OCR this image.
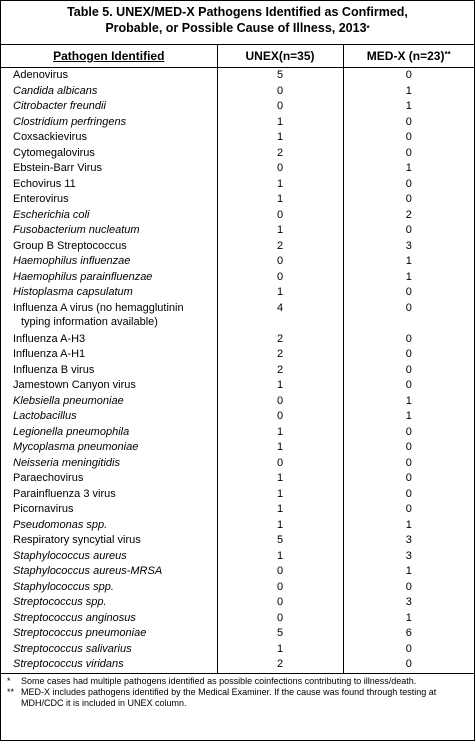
Table 5. UNEX/MED-X Pathogens Identified as Confirmed,
Probable, or Possible Cause of Illness, 2013*
Pathogen Identified	UNEX(n=35)	MED-X (n=23)**
Adenovirus	5	0
Candida albicans	0	1
Citrobacter freundii	0	1
Clostridium perfringens	1	0
Coxsackievirus	1	0
Cytomegalovirus	2	0
Ebstein-Barr Virus	0	1
Echovirus 11	1	0
Enterovirus	1	0
Escherichia coli	0	2
Fusobacterium nucleatum	1	0
Group B Streptococcus	2	3
Haemophilus influenzae	0	1
Haemophilus parainfluenzae	0	1
Histoplasma capsulatum	1	0
Influenza A virus (no hemagglutinin
typing information available)	4	0
Influenza A-H3	2	0
Influenza A-H1	2	0
Influenza B virus	2	0
Jamestown Canyon virus	1	0
Klebsiella pneumoniae	0	1
Lactobacillus	0	1
Legionella pneumophila	1	0
Mycoplasma pneumoniae	1	0
Neisseria meningitidis	0	0
Paraechovirus	1	0
Parainfluenza 3 virus	1	0
Picornavirus	1	0
Pseudomonas spp.	1	1
Respiratory syncytial virus	5	3
Staphylococcus aureus	1	3
Staphylococcus aureus-MRSA	0	1
Staphylococcus spp.	0	0
Streptococcus spp.	0	3
Streptococcus anginosus	0	1
Streptococcus pneumoniae	5	6
Streptococcus salivarius	1	0
Streptococcus viridans	2	0
*	Some cases had multiple pathogens identified as possible coinfections contributing to illness/death.
** MED-X includes pathogens identified by the Medical Examiner. If the cause was found through testing at MDH/CDC it is included in UNEX column.
